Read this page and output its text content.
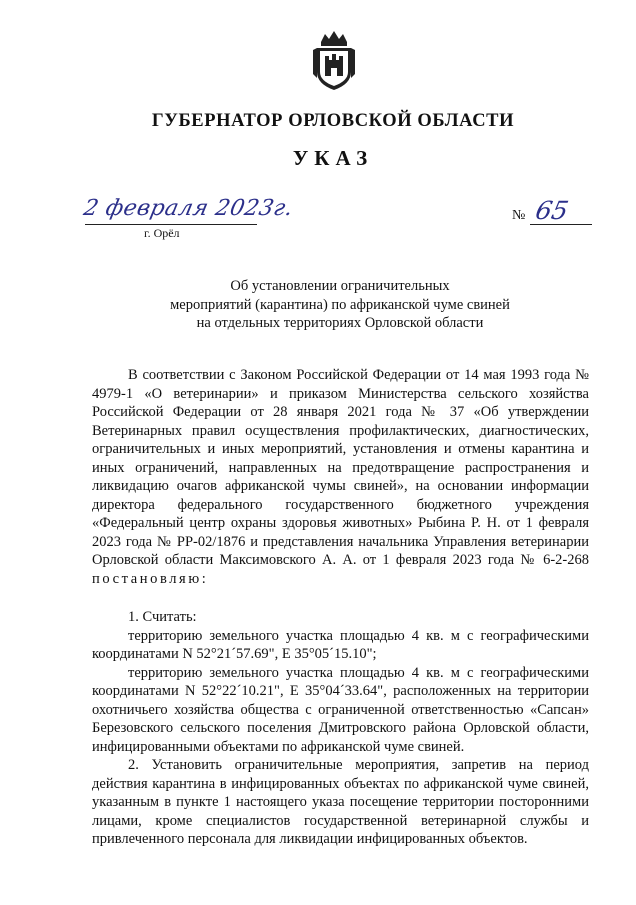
ГУБЕРНАТОР ОРЛОВСКОЙ ОБЛАСТИ
УКАЗ
2 февраля 2023г.
г. Орёл
№ 65
Об установлении ограничительных
мероприятий (карантина) по африканской чуме свиней
на отдельных территориях Орловской области

В соответствии с Законом Российской Федерации от 14 мая 1993 года № 4979-1 «О ветеринарии» и приказом Министерства сельского хозяйства Российской Федерации от 28 января 2021 года № 37 «Об утверждении Ветеринарных правил осуществления профилактических, диагностических, ограничительных и иных мероприятий, установления и отмены карантина и иных ограничений, направленных на предотвращение распространения и ликвидацию очагов африканской чумы свиней», на основании информации директора федерального государственного бюджетного учреждения «Федеральный центр охраны здоровья животных» Рыбина Р. Н. от 1 февраля 2023 года № РР-02/1876 и представления начальника Управления ветеринарии Орловской области Максимовского А. А. от 1 февраля 2023 года № 6-2-268 постановляю:

1. Считать:

территорию земельного участка площадью 4 кв. м с географическими координатами N 52°21´57.69", E 35°05´15.10";

территорию земельного участка площадью 4 кв. м с географическими координатами N 52°22´10.21", E 35°04´33.64", расположенных на территории охотничьего хозяйства общества с ограниченной ответственностью «Сапсан» Березовского сельского поселения Дмитровского района Орловской области, инфицированными объектами по африканской чуме свиней.

2. Установить ограничительные мероприятия, запретив на период действия карантина в инфицированных объектах по африканской чуме свиней, указанным в пункте 1 настоящего указа посещение территории посторонними лицами, кроме специалистов государственной ветеринарной службы и привлеченного персонала для ликвидации инфицированных объектов.
